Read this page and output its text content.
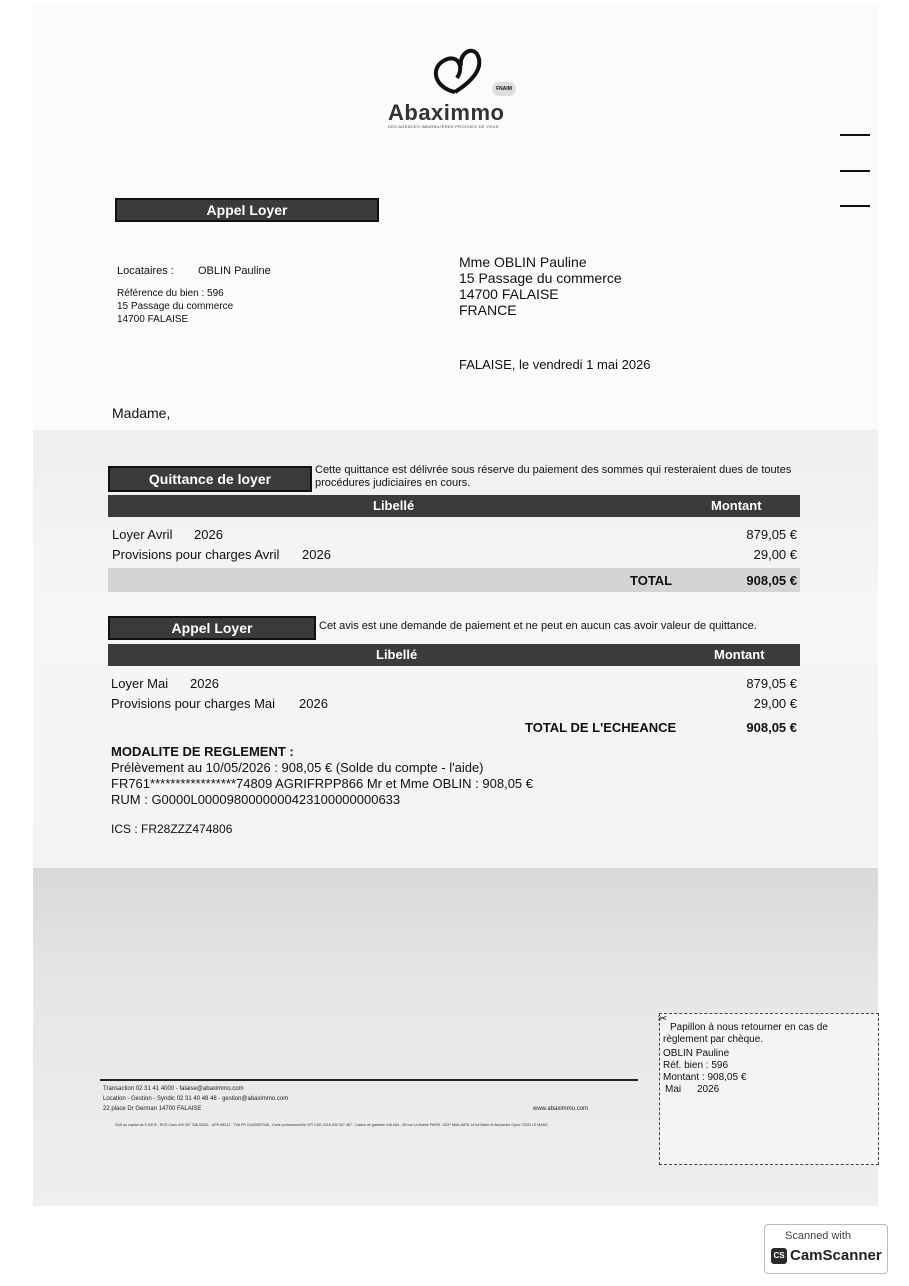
FNAIM
Abaximmo
DES AGENCES IMMOBILIÈRES PROCHES DE VOUS
Appel Loyer
Locataires : OBLIN Pauline
Référence du bien : 596
15 Passage du commerce
14700 FALAISE
Mme OBLIN Pauline
15 Passage du commerce
14700 FALAISE
FRANCE
FALAISE, le vendredi 1 mai 2026
Madame,
Quittance de loyer
Cette quittance est délivrée sous réserve du paiement des sommes qui resteraient dues de toutes procédures judiciaires en cours.
Libellé	Montant
Loyer Avril 2026	879,05 €
Provisions pour charges Avril 2026	29,00 €
TOTAL	908,05 €
Appel Loyer	Cet avis est une demande de paiement et ne peut en aucun cas avoir valeur de quittance.
Libellé	Montant
Loyer Mai 2026	879,05 €
Provisions pour charges Mai 2026	29,00 €
TOTAL DE L'ECHEANCE	908,05 €
MODALITE DE REGLEMENT :
Prélèvement au 10/05/2026 : 908,05 € (Solde du compte - l'aide)
FR761*****************74809 AGRIFRPP866 Mr et Mme OBLIN : 908,05 €
RUM : G0000L0000980000000423100000000633
ICS : FR28ZZZ474806
Transaction 02 31 41 4000 - falaise@abaximmo.com
Location - Gestion - Syndic 02 31 40 48 48 - gestion@abaximmo.com
22 place Dr German 14700 FALAISE	www.abaximmo.com
SAS au capital de 5 000 € - RCS Caen 429 397 348 00021 - APE 6831Z - TVA FR 24429397348 - Carte professionnelle CPI 1401 2016 000 007 467 - Caisse de garantie GALIAN - 89 rue La Boétie PARIS - BCP MAA-IARD 14 bd Marie et Alexandre Oyon 72030 LE MANS
✂
Papillon à nous retourner en cas de
règlement par chèque.
OBLIN Pauline
Réf. bien : 596
Montant : 908,05 €
Mai 2026
Scanned with
CS CamScanner
